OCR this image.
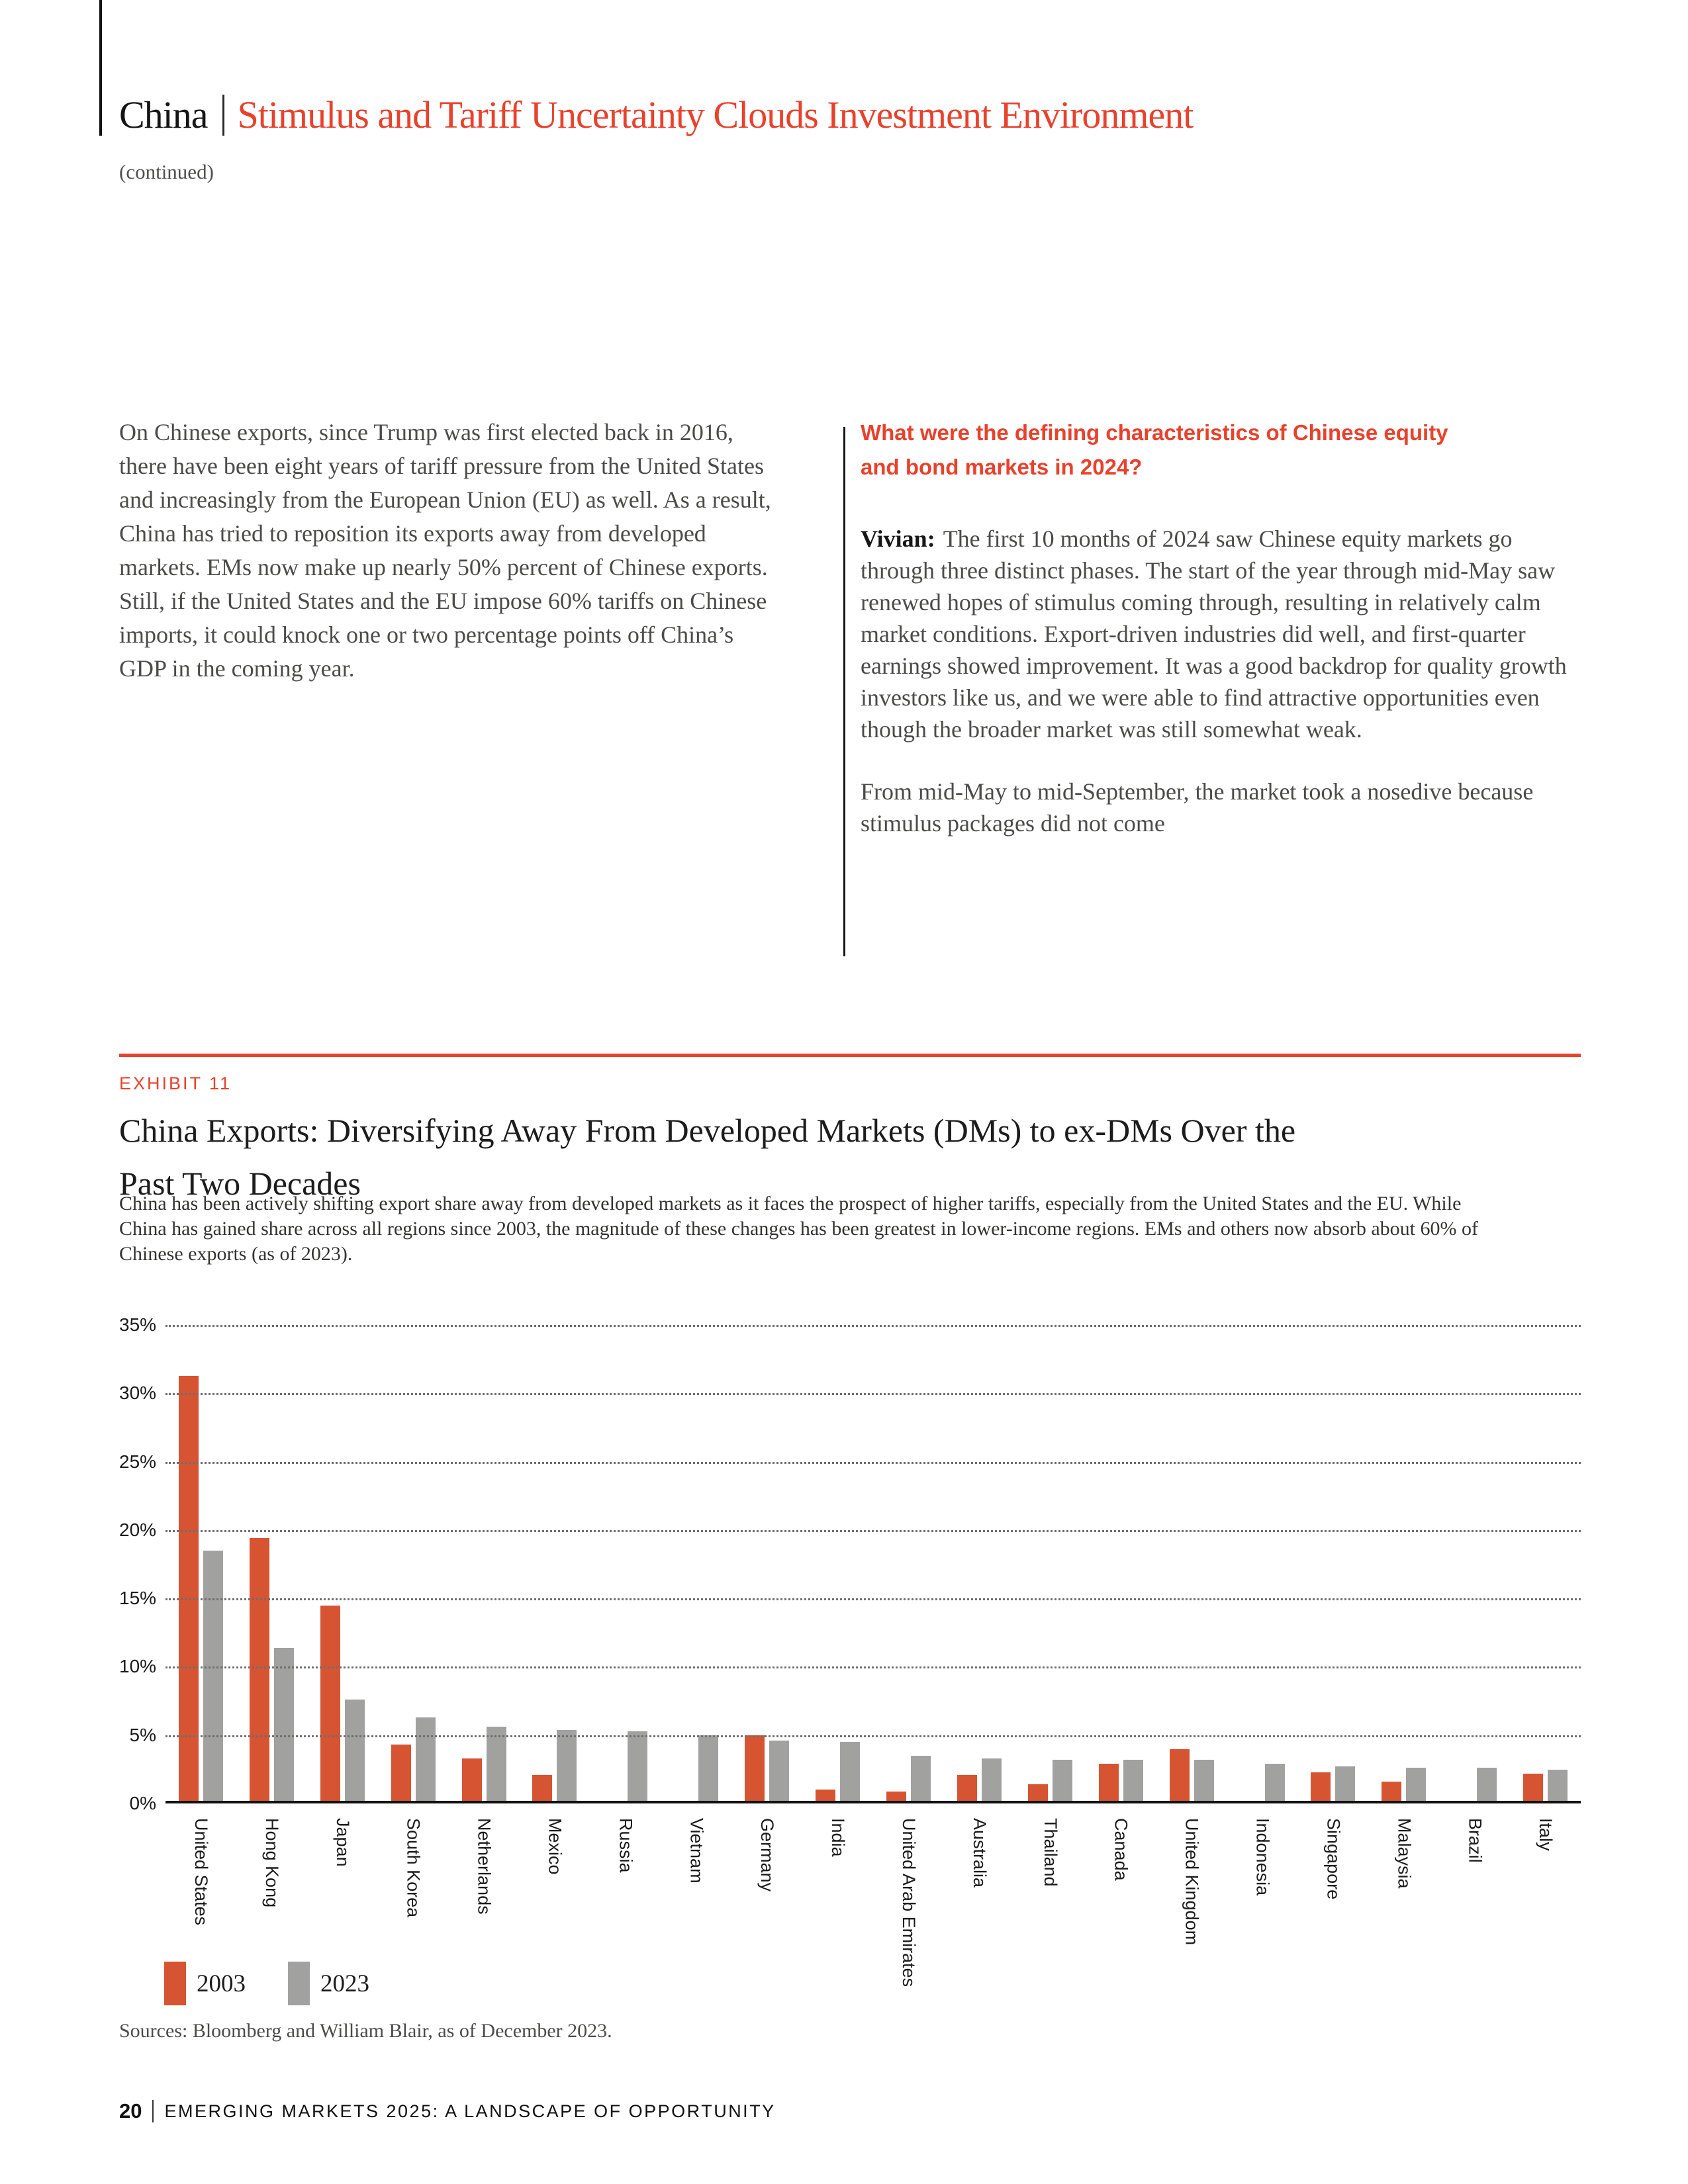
China Stimulus and Tariff Uncertainty Clouds Investment Environment
(continued)
On Chinese exports, since Trump was first elected back in 2016, there have been eight years of tariff pressure from the United States and increasingly from the European Union (EU) as well. As a result, China has tried to reposition its exports away from developed markets. EMs now make up nearly 50% percent of Chinese exports. Still, if the United States and the EU impose 60% tariffs on Chinese imports, it could knock one or two percentage points off China’s GDP in the coming year.
What were the defining characteristics of Chinese equity and bond markets in 2024?

Vivian: The first 10 months of 2024 saw Chinese equity markets go through three distinct phases. The start of the year through mid-May saw renewed hopes of stimulus coming through, resulting in relatively calm market conditions. Export-driven industries did well, and first-quarter earnings showed improvement. It was a good backdrop for quality growth investors like us, and we were able to find attractive opportunities even though the broader market was still somewhat weak.

From mid-May to mid-September, the market took a nosedive because stimulus packages did not come

EXHIBIT 11
China Exports: Diversifying Away From Developed Markets (DMs) to ex-DMs Over the
Past Two Decades
China has been actively shifting export share away from developed markets as it faces the prospect of higher tariffs, especially from the United States and the EU. While China has gained share across all regions since 2003, the magnitude of these changes has been greatest in lower-income regions. EMs and others now absorb about 60% of Chinese exports (as of 2023).
United States	Hong Kong	Japan	South Korea	Netherlands	Mexico	Russia	Vietnam	Germany	India	United Arab Emirates	Australia	Thailand	Canada	United Kingdom	Indonesia	Singapore	Malaysia	Brazil	Italy
2003	2023
35%
30%
25%
20%
15%
10%
5%
0%
Sources: Bloomberg and William Blair, as of December 2023.
20 EMERGING MARKETS 2025: A LANDSCAPE OF OPPORTUNITY
